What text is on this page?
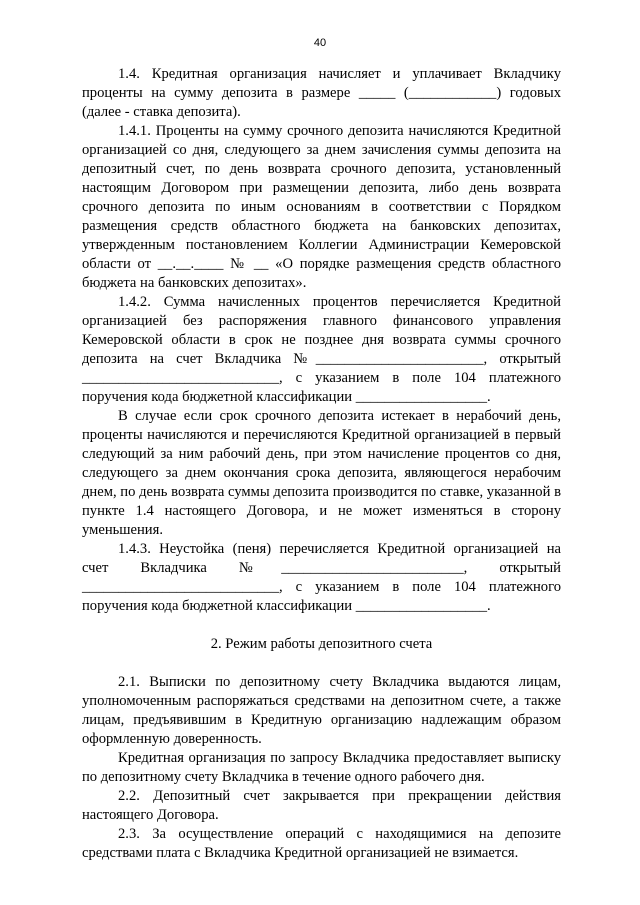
40

1.4. Кредитная организация начисляет и уплачивает Вкладчику проценты на сумму депозита в размере _____ (____________) годовых (далее - ставка депозита).

1.4.1. Проценты на сумму срочного депозита начисляются Кредитной организацией со дня, следующего за днем зачисления суммы депозита на депозитный счет, по день возврата срочного депозита, установленный настоящим Договором при размещении депозита, либо день возврата срочного депозита по иным основаниям в соответствии с Порядком размещения средств областного бюджета на банковских депозитах, утвержденным постановлением Коллегии Администрации Кемеровской области от __.__.____ № __ «О порядке размещения средств областного бюджета на банковских депозитах».

1.4.2. Сумма начисленных процентов перечисляется Кредитной организацией без распоряжения главного финансового управления Кемеровской области в срок не позднее дня возврата суммы срочного депозита на счет Вкладчика №_______________________, открытый ___________________________, с указанием в поле 104 платежного поручения кода бюджетной классификации __________________.

В случае если срок срочного депозита истекает в нерабочий день, проценты начисляются и перечисляются Кредитной организацией в первый следующий за ним рабочий день, при этом начисление процентов со дня, следующего за днем окончания срока депозита, являющегося нерабочим днем, по день возврата суммы депозита производится по ставке, указанной в пункте 1.4 настоящего Договора, и не может изменяться в сторону уменьшения.

1.4.3. Неустойка (пеня) перечисляется Кредитной организацией на счет Вкладчика №_________________________, открытый ___________________________, с указанием в поле 104 платежного поручения кода бюджетной классификации __________________.

2. Режим работы депозитного счета

2.1. Выписки по депозитному счету Вкладчика выдаются лицам, уполномоченным распоряжаться средствами на депозитном счете, а также лицам, предъявившим в Кредитную организацию надлежащим образом оформленную доверенность.

Кредитная организация по запросу Вкладчика предоставляет выписку по депозитному счету Вкладчика в течение одного рабочего дня.

2.2. Депозитный счет закрывается при прекращении действия настоящего Договора.

2.3. За осуществление операций с находящимися на депозите средствами плата с Вкладчика Кредитной организацией не взимается.
